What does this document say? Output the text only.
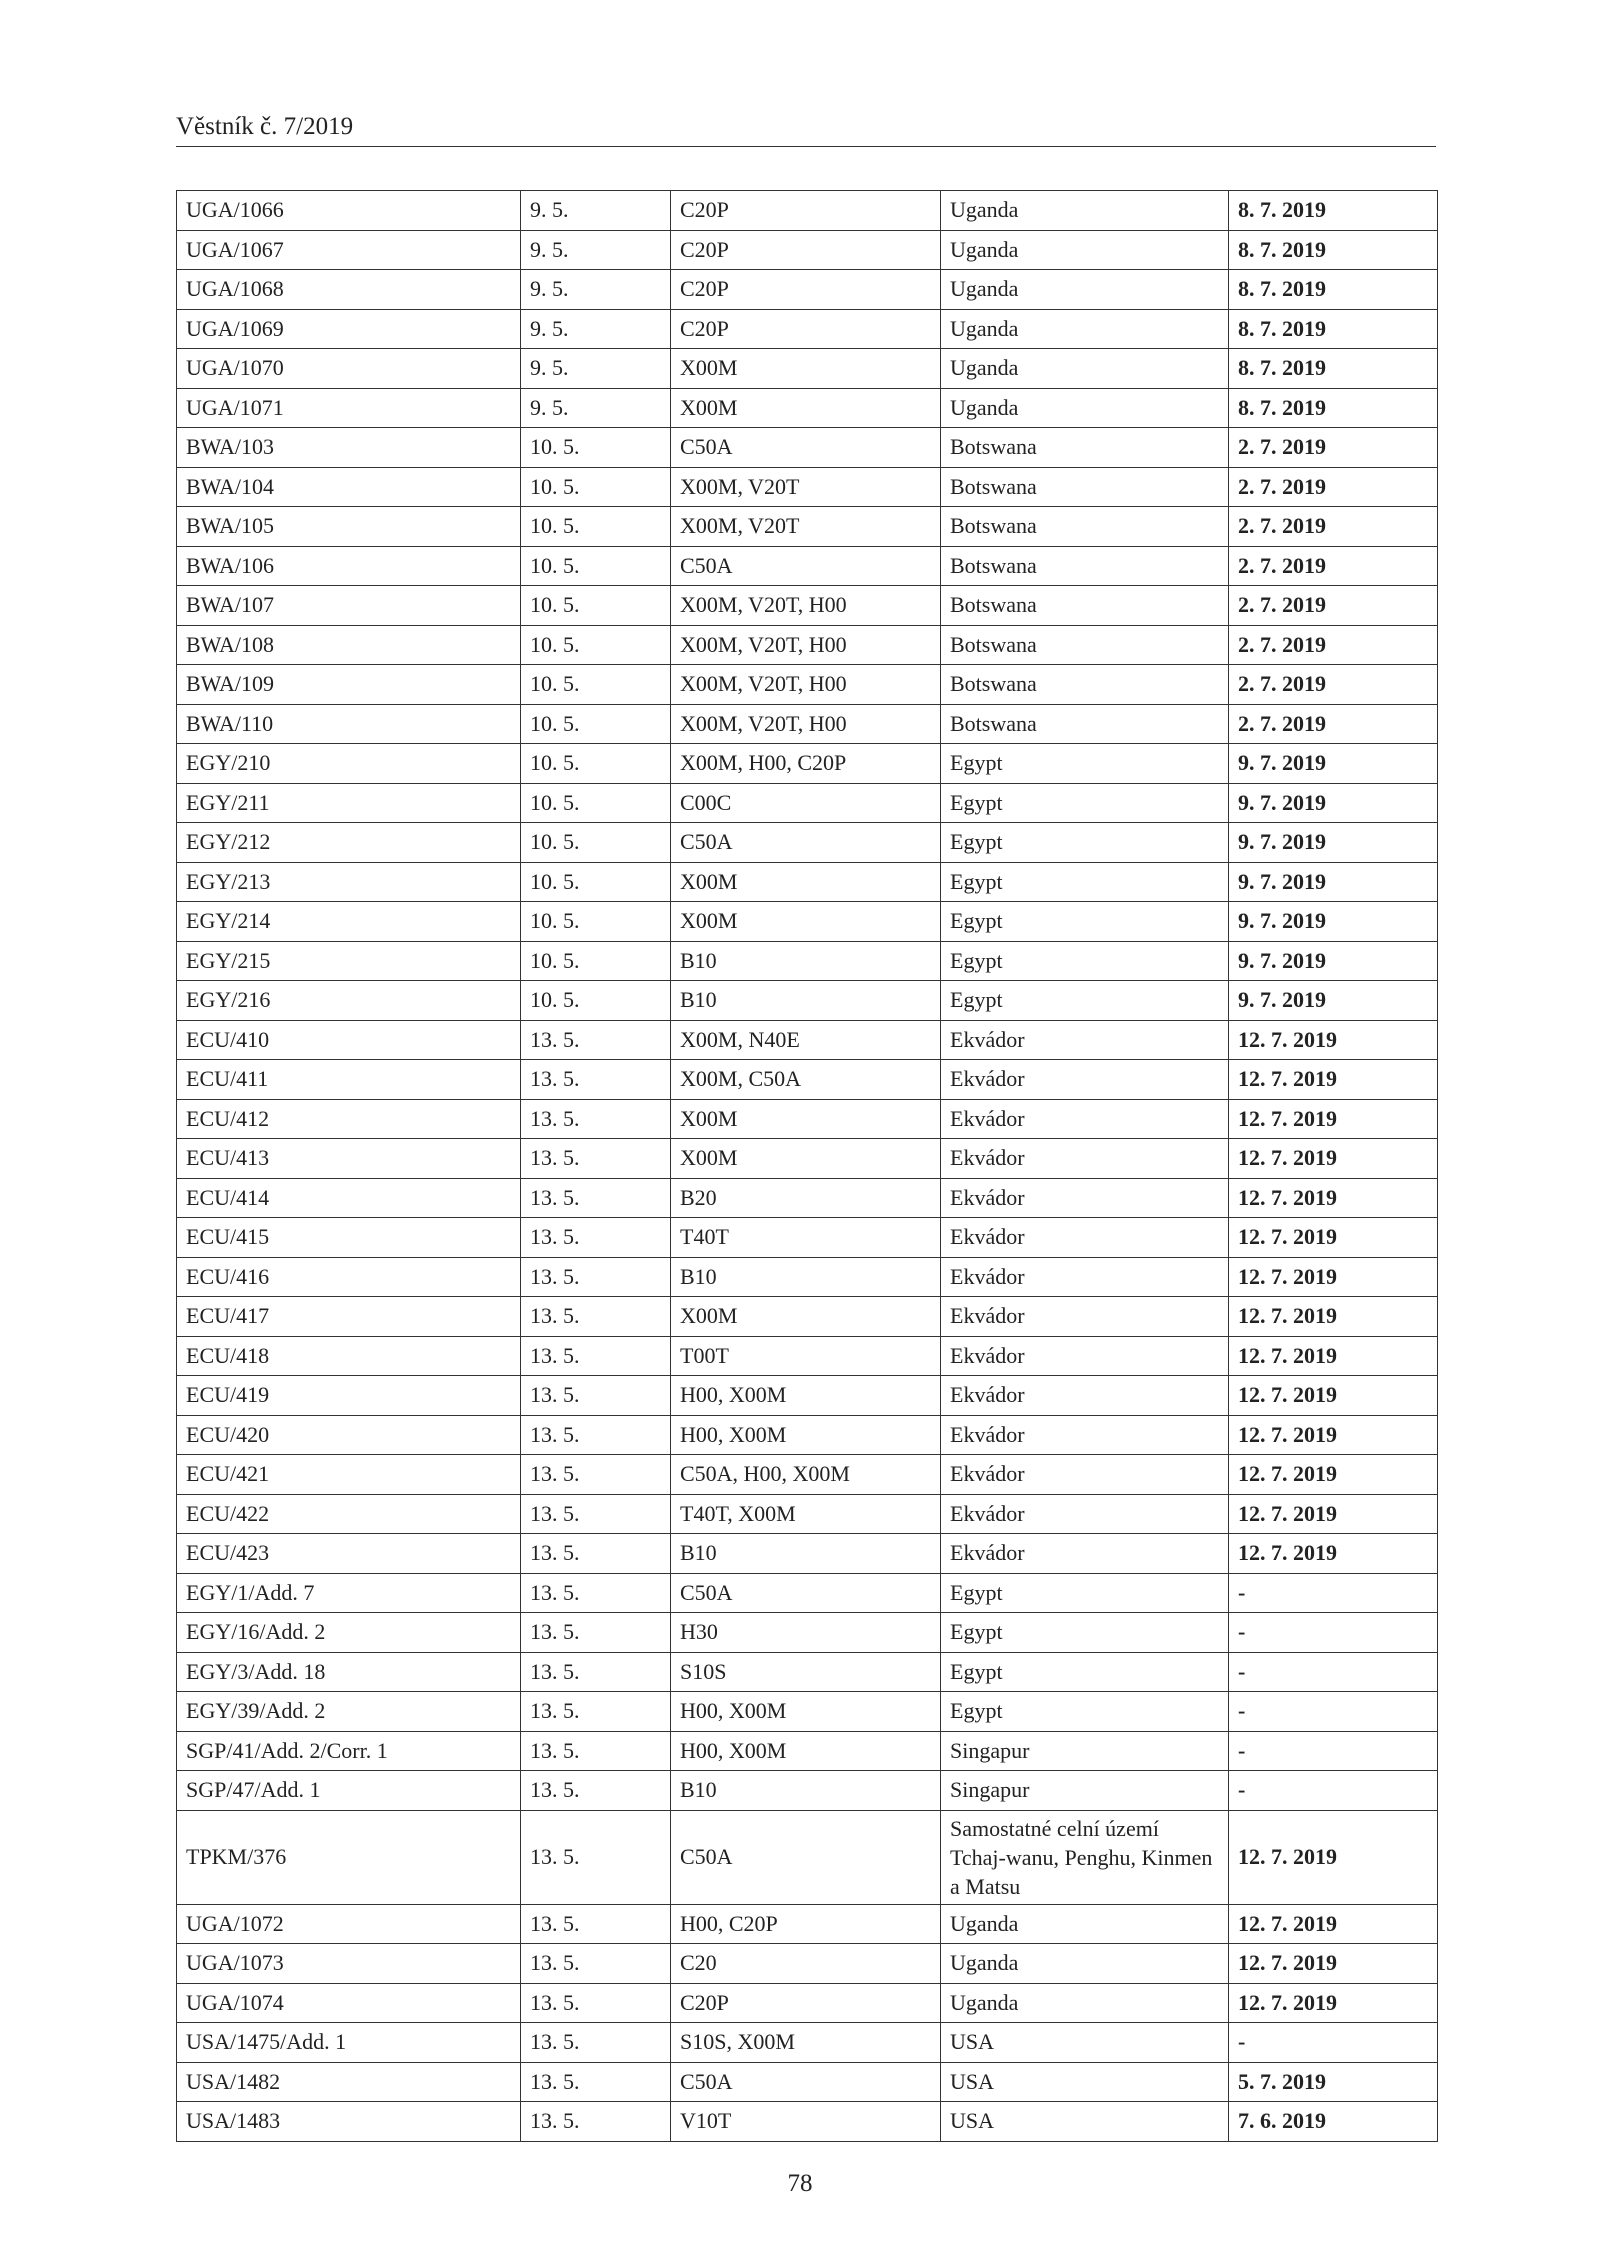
Věstník č. 7/2019
UGA/1066	9. 5.	C20P	Uganda	8. 7. 2019
UGA/1067	9. 5.	C20P	Uganda	8. 7. 2019
UGA/1068	9. 5.	C20P	Uganda	8. 7. 2019
UGA/1069	9. 5.	C20P	Uganda	8. 7. 2019
UGA/1070	9. 5.	X00M	Uganda	8. 7. 2019
UGA/1071	9. 5.	X00M	Uganda	8. 7. 2019
BWA/103	10. 5.	C50A	Botswana	2. 7. 2019
BWA/104	10. 5.	X00M, V20T	Botswana	2. 7. 2019
BWA/105	10. 5.	X00M, V20T	Botswana	2. 7. 2019
BWA/106	10. 5.	C50A	Botswana	2. 7. 2019
BWA/107	10. 5.	X00M, V20T, H00	Botswana	2. 7. 2019
BWA/108	10. 5.	X00M, V20T, H00	Botswana	2. 7. 2019
BWA/109	10. 5.	X00M, V20T, H00	Botswana	2. 7. 2019
BWA/110	10. 5.	X00M, V20T, H00	Botswana	2. 7. 2019
EGY/210	10. 5.	X00M, H00, C20P	Egypt	9. 7. 2019
EGY/211	10. 5.	C00C	Egypt	9. 7. 2019
EGY/212	10. 5.	C50A	Egypt	9. 7. 2019
EGY/213	10. 5.	X00M	Egypt	9. 7. 2019
EGY/214	10. 5.	X00M	Egypt	9. 7. 2019
EGY/215	10. 5.	B10	Egypt	9. 7. 2019
EGY/216	10. 5.	B10	Egypt	9. 7. 2019
ECU/410	13. 5.	X00M, N40E	Ekvádor	12. 7. 2019
ECU/411	13. 5.	X00M, C50A	Ekvádor	12. 7. 2019
ECU/412	13. 5.	X00M	Ekvádor	12. 7. 2019
ECU/413	13. 5.	X00M	Ekvádor	12. 7. 2019
ECU/414	13. 5.	B20	Ekvádor	12. 7. 2019
ECU/415	13. 5.	T40T	Ekvádor	12. 7. 2019
ECU/416	13. 5.	B10	Ekvádor	12. 7. 2019
ECU/417	13. 5.	X00M	Ekvádor	12. 7. 2019
ECU/418	13. 5.	T00T	Ekvádor	12. 7. 2019
ECU/419	13. 5.	H00, X00M	Ekvádor	12. 7. 2019
ECU/420	13. 5.	H00, X00M	Ekvádor	12. 7. 2019
ECU/421	13. 5.	C50A, H00, X00M	Ekvádor	12. 7. 2019
ECU/422	13. 5.	T40T, X00M	Ekvádor	12. 7. 2019
ECU/423	13. 5.	B10	Ekvádor	12. 7. 2019
EGY/1/Add. 7	13. 5.	C50A	Egypt	-
EGY/16/Add. 2	13. 5.	H30	Egypt	-
EGY/3/Add. 18	13. 5.	S10S	Egypt	-
EGY/39/Add. 2	13. 5.	H00, X00M	Egypt	-
SGP/41/Add. 2/Corr. 1	13. 5.	H00, X00M	Singapur	-
SGP/47/Add. 1	13. 5.	B10	Singapur	-
TPKM/376	13. 5.	C50A	Samostatné celní území Tchaj-wanu, Penghu, Kinmen a Matsu	12. 7. 2019
UGA/1072	13. 5.	H00, C20P	Uganda	12. 7. 2019
UGA/1073	13. 5.	C20	Uganda	12. 7. 2019
UGA/1074	13. 5.	C20P	Uganda	12. 7. 2019
USA/1475/Add. 1	13. 5.	S10S, X00M	USA	-
USA/1482	13. 5.	C50A	USA	5. 7. 2019
USA/1483	13. 5.	V10T	USA	7. 6. 2019
78
